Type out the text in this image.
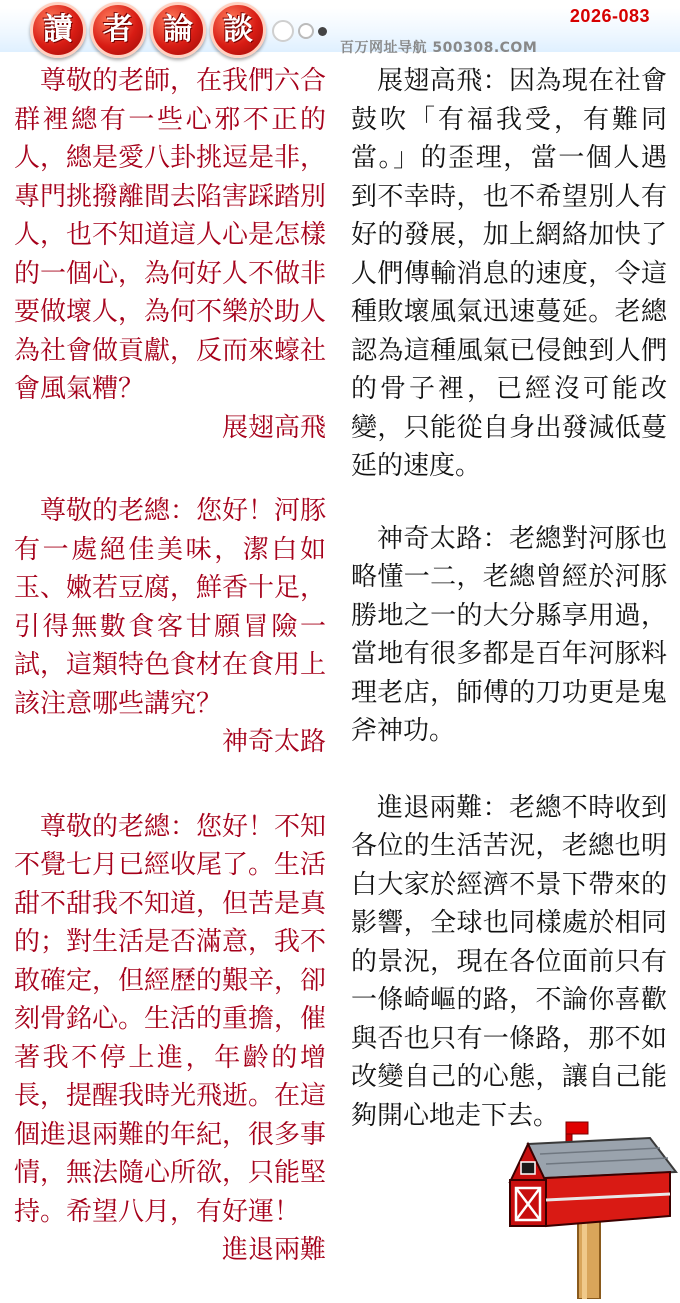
讀	者	論	談	2026-083
百万网址导航 500308.COM

尊敬的老師，在我們六合群裡總有一些心邪不正的人，總是愛八卦挑逗是非，專門挑撥離間去陷害踩踏別人，也不知道這人心是怎樣的一個心，為何好人不做非要做壞人，為何不樂於助人為社會做貢獻，反而來蠔社會風氣糟？

展翅高飛

尊敬的老總：您好！河豚有一處絕佳美味，潔白如玉、嫩若豆腐，鮮香十足，引得無數食客甘願冒險一試，這類特色食材在食用上該注意哪些講究？

神奇太路

尊敬的老總：您好！不知不覺七月已經收尾了。生活甜不甜我不知道，但苦是真的；對生活是否滿意，我不敢確定，但經歷的艱辛，卻刻骨銘心。生活的重擔，催著我不停上進，年齡的增長，提醒我時光飛逝。在這個進退兩難的年紀，很多事情，無法隨心所欲，只能堅持。希望八月，有好運！

進退兩難

展翅高飛：因為現在社會鼓吹「有福我受，有難同當。」的歪理，當一個人遇到不幸時，也不希望別人有好的發展，加上網絡加快了人們傳輸消息的速度，令這種敗壞風氣迅速蔓延。老總認為這種風氣已侵蝕到人們的骨子裡，已經沒可能改變，只能從自身出發減低蔓延的速度。

神奇太路：老總對河豚也略懂一二，老總曾經於河豚勝地之一的大分縣享用過，當地有很多都是百年河豚料理老店，師傅的刀功更是鬼斧神功。

進退兩難：老總不時收到各位的生活苦況，老總也明白大家於經濟不景下帶來的影響，全球也同樣處於相同的景況，現在各位面前只有一條崎嶇的路，不論你喜歡與否也只有一條路，那不如改變自己的心態，讓自己能夠開心地走下去。
